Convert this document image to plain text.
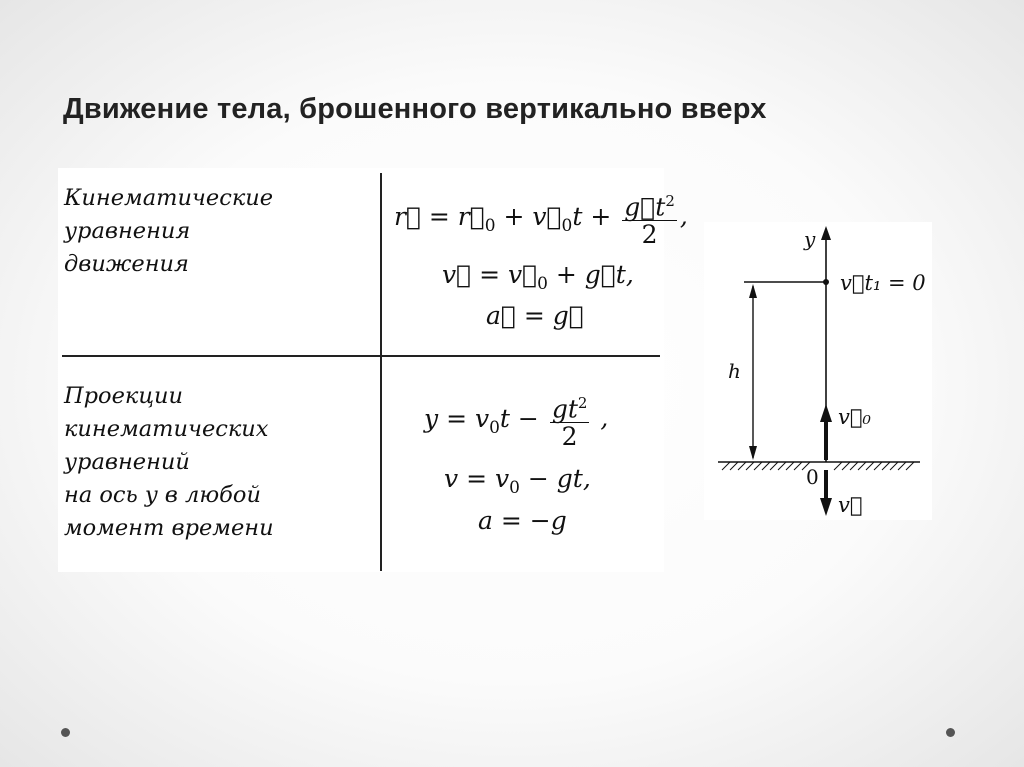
Движение тела, брошенного вертикально вверх
Кинематические
уравнения
движения
Проекции
кинематических
уравнений
на ось y в любой
момент времени
r⃗ = $r⃗_0$ + $v⃗_0t + \frac{g⃗t^2}{2}$ ,
v⃗ = $v⃗_0$ + g⃗t,
a⃗ = g⃗
$y = v_0t - \frac{gt^2}{2}$ ,
$v = v_0$ − gt,
a = −g
y
v⃗t₁ = 0
h
v⃗₀
0
v⃗
